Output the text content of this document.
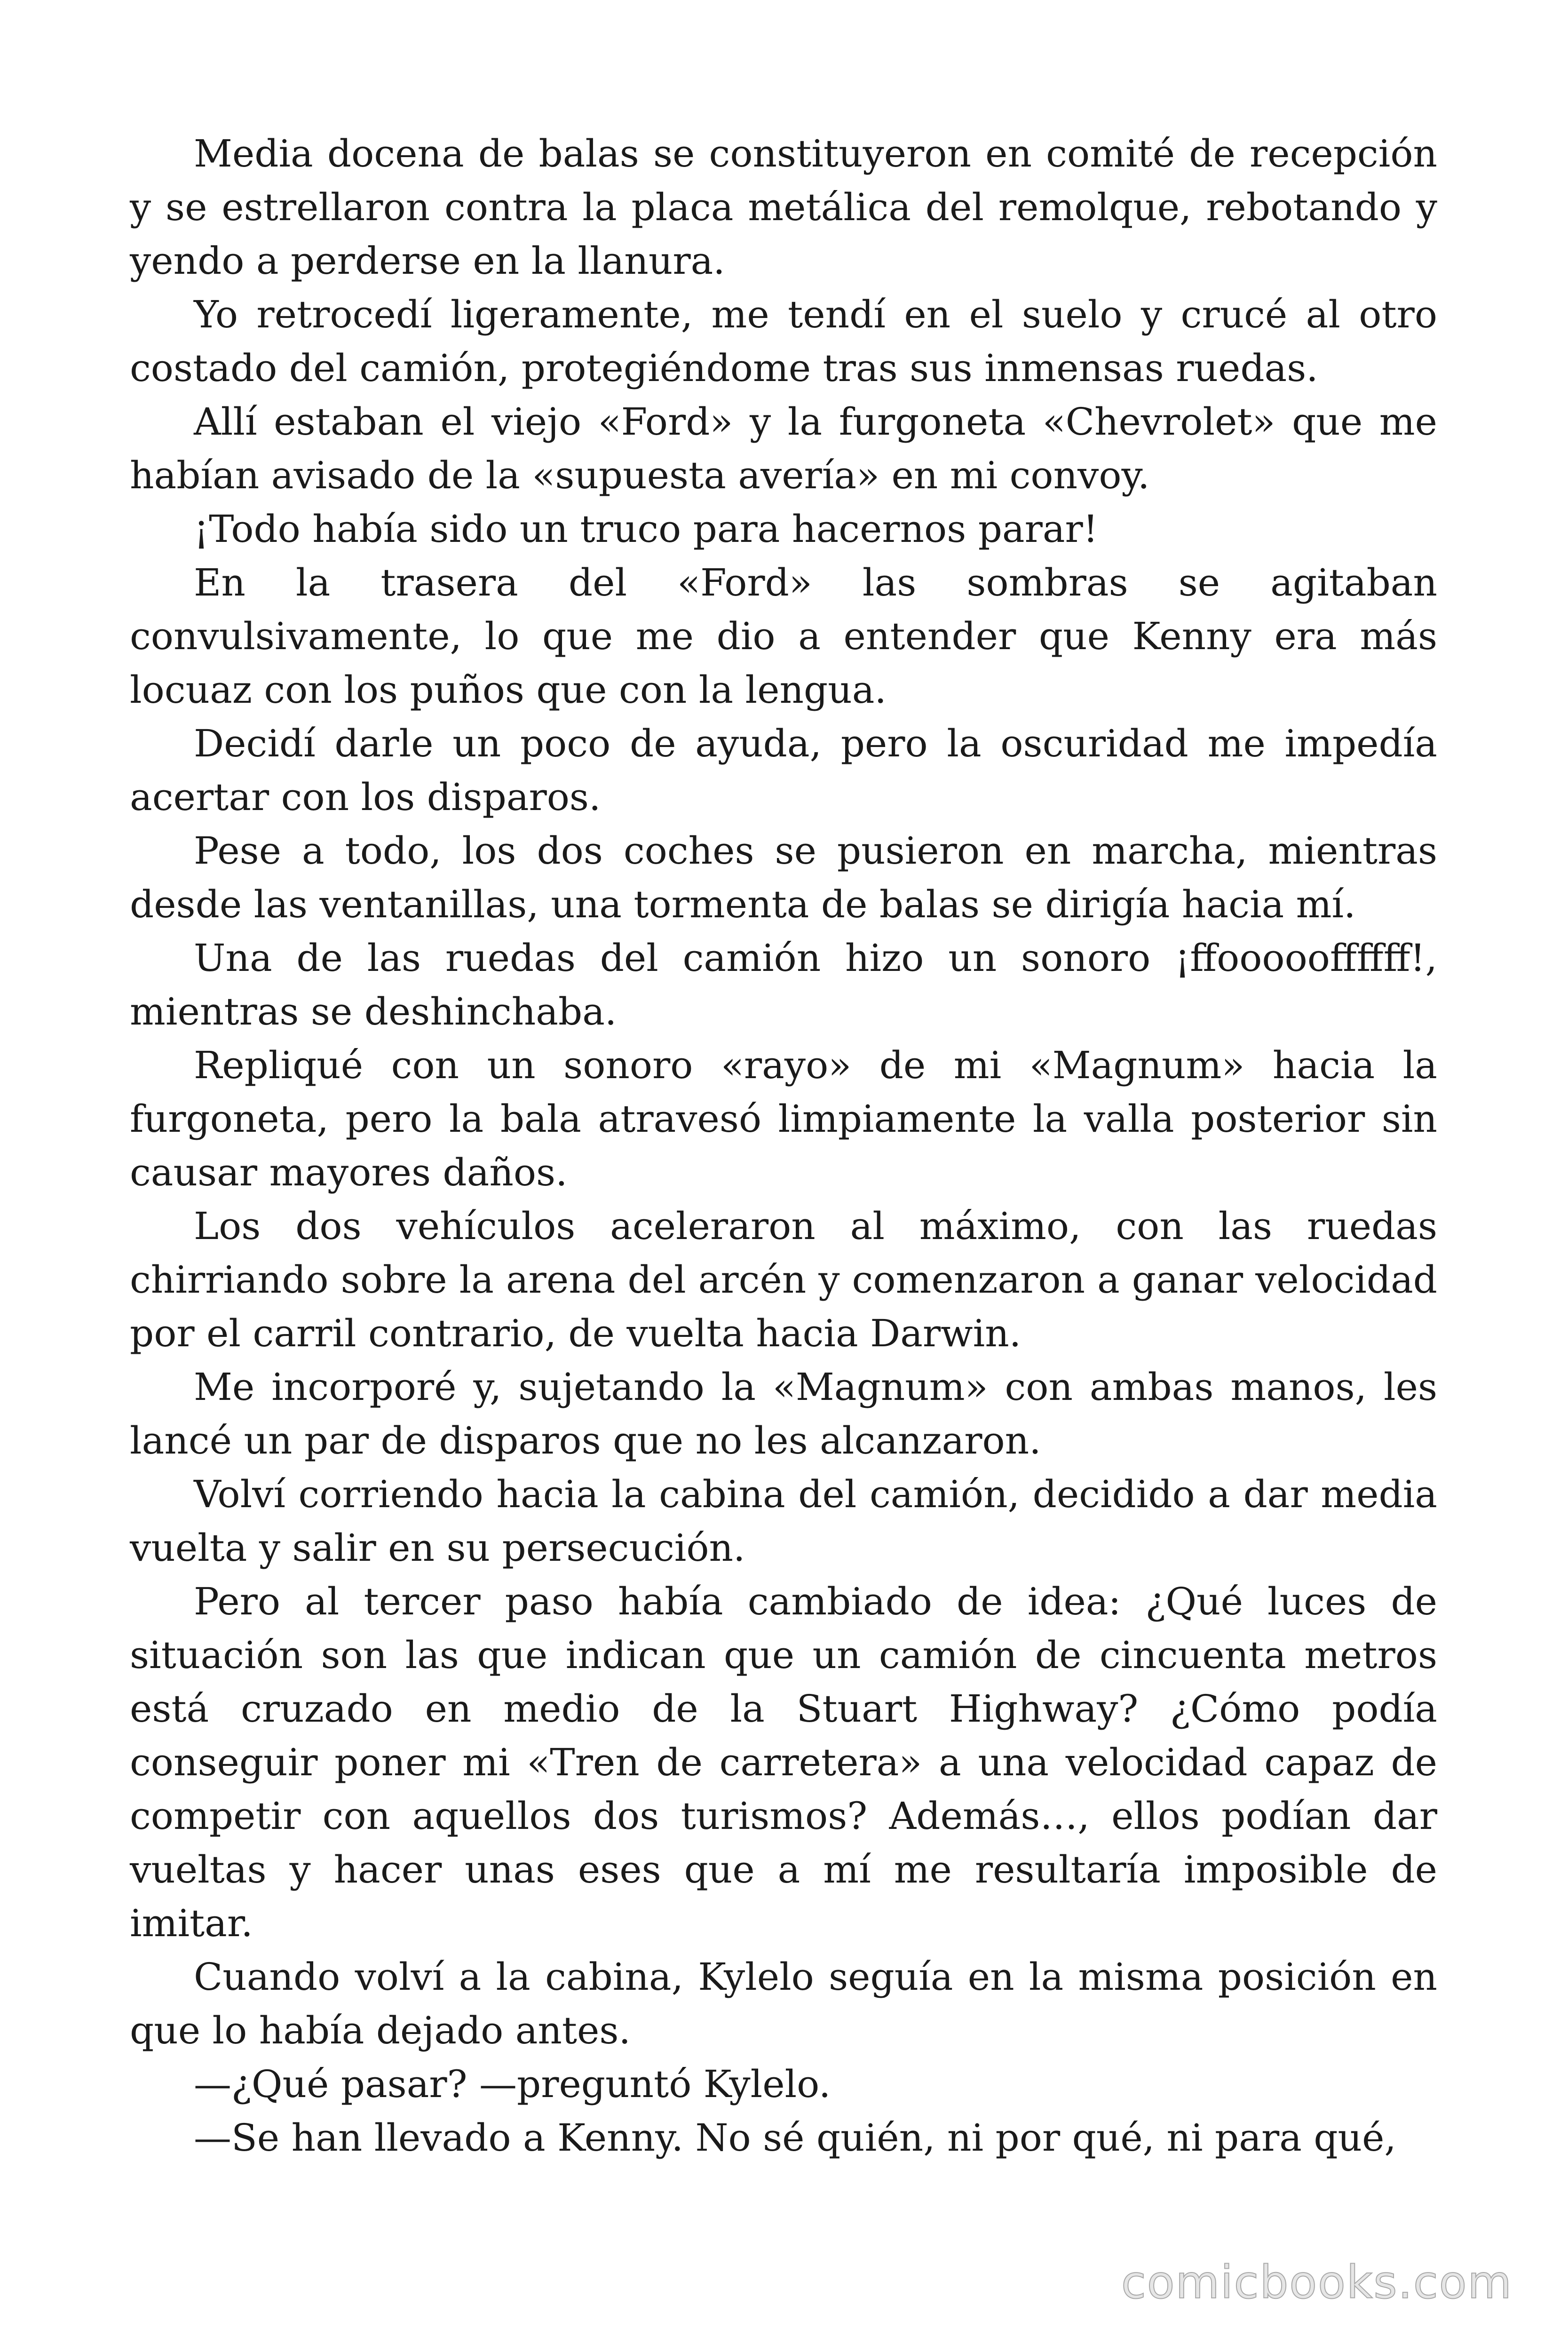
Media docena de balas se constituyeron en comité de recepción y se estrellaron contra la placa metálica del remolque, rebotando y yendo a perderse en la llanura.

Yo retrocedí ligeramente, me tendí en el suelo y crucé al otro costado del camión, protegiéndome tras sus inmensas ruedas.

Allí estaban el viejo «Ford» y la furgoneta «Chevrolet» que me habían avisado de la «supuesta avería» en mi convoy.

¡Todo había sido un truco para hacernos parar!

En la trasera del «Ford» las sombras se agitaban convulsivamente, lo que me dio a entender que Kenny era más locuaz con los puños que con la lengua.

Decidí darle un poco de ayuda, pero la oscuridad me impedía acertar con los disparos.

Pese a todo, los dos coches se pusieron en marcha, mientras desde las ventanillas, una tormenta de balas se dirigía hacia mí.

Una de las ruedas del camión hizo un sonoro ¡ffoooooffffff!, mientras se deshinchaba.

Repliqué con un sonoro «rayo» de mi «Magnum» hacia la furgoneta, pero la bala atravesó limpiamente la valla posterior sin causar mayores daños.

Los dos vehículos aceleraron al máximo, con las ruedas chirriando sobre la arena del arcén y comenzaron a ganar velocidad por el carril contrario, de vuelta hacia Darwin.

Me incorporé y, sujetando la «Magnum» con ambas manos, les lancé un par de disparos que no les alcanzaron.

Volví corriendo hacia la cabina del camión, decidido a dar media vuelta y salir en su persecución.

Pero al tercer paso había cambiado de idea: ¿Qué luces de situación son las que indican que un camión de cincuenta metros está cruzado en medio de la Stuart Highway? ¿Cómo podía conseguir poner mi «Tren de carretera» a una velocidad capaz de competir con aquellos dos turismos? Además…, ellos podían dar vueltas y hacer unas eses que a mí me resultaría imposible de imitar.

Cuando volví a la cabina, Kylelo seguía en la misma posición en que lo había dejado antes.

—¿Qué pasar? —preguntó Kylelo.

—Se han llevado a Kenny. No sé quién, ni por qué, ni para qué,

comicbooks.com
